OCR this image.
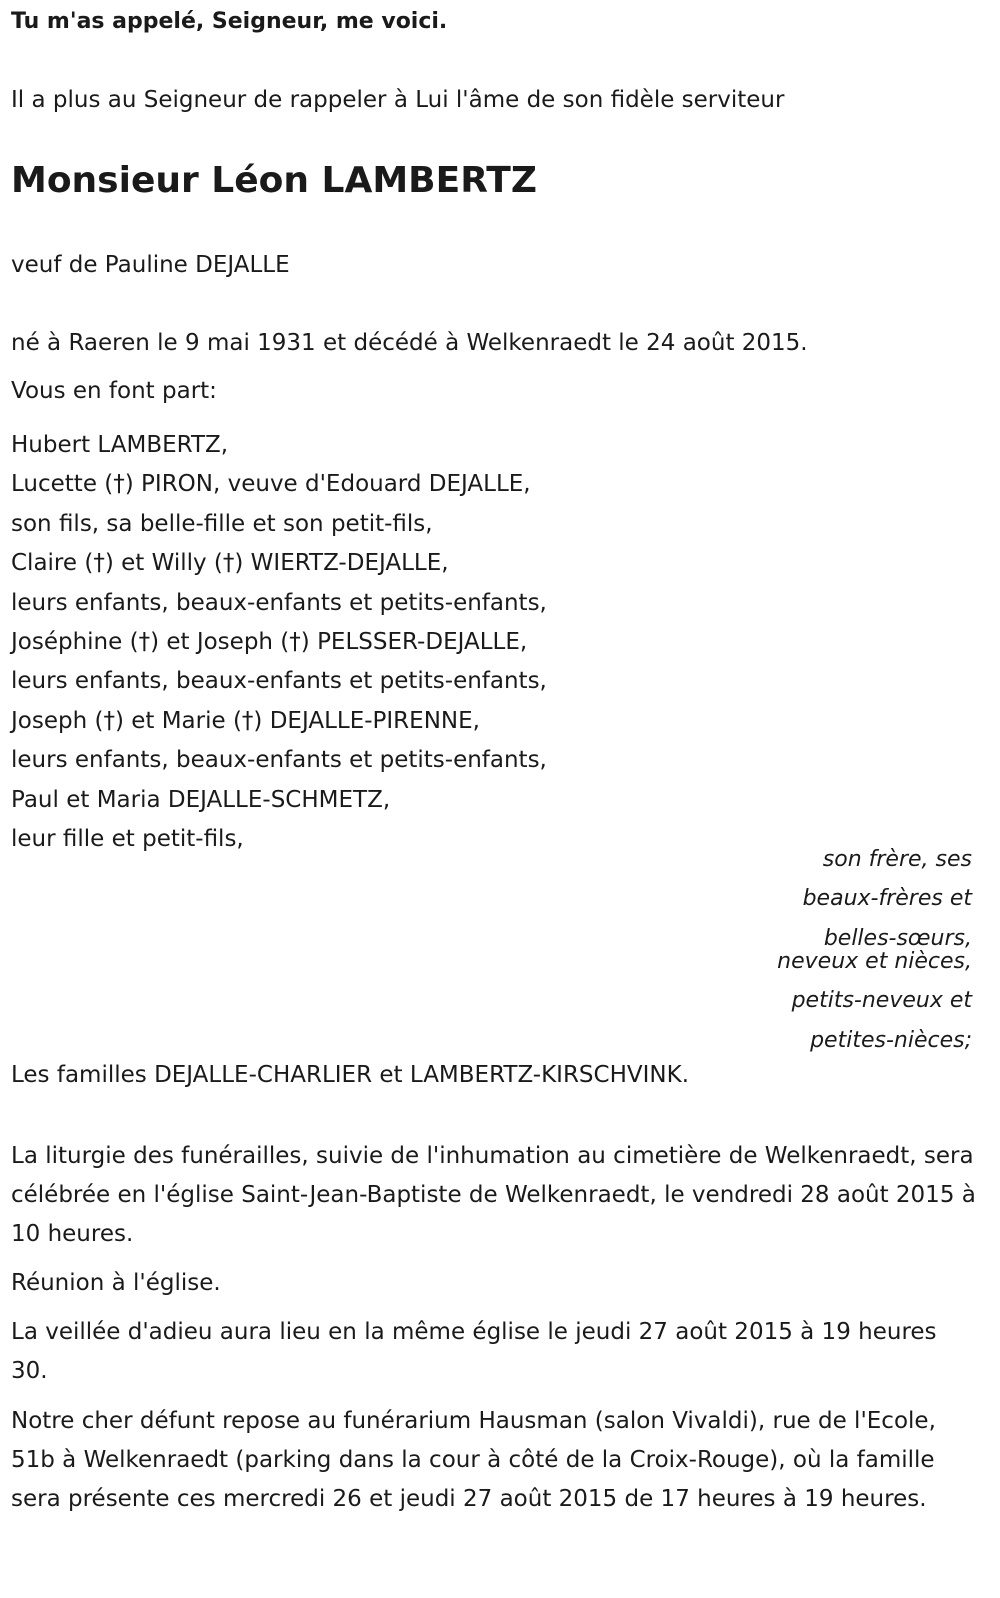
Tu m'as appelé, Seigneur, me voici.
Il a plus au Seigneur de rappeler à Lui l'âme de son fidèle serviteur
Monsieur Léon LAMBERTZ
veuf de Pauline DEJALLE
né à Raeren le 9 mai 1931 et décédé à Welkenraedt le 24 août 2015.
Vous en font part:
Hubert LAMBERTZ,
Lucette (†) PIRON, veuve d'Edouard DEJALLE,
son fils, sa belle-fille et son petit-fils,
Claire (†) et Willy (†) WIERTZ-DEJALLE,
leurs enfants, beaux-enfants et petits-enfants,
Joséphine (†) et Joseph (†) PELSSER-DEJALLE,
leurs enfants, beaux-enfants et petits-enfants,
Joseph (†) et Marie (†) DEJALLE-PIRENNE,
leurs enfants, beaux-enfants et petits-enfants,
Paul et Maria DEJALLE-SCHMETZ,
leur fille et petit-fils,
son frère, ses
beaux-frères et
belles-sœurs,
neveux et nièces,
petits-neveux et
petites-nièces;
Les familles DEJALLE-CHARLIER et LAMBERTZ-KIRSCHVINK.

La liturgie des funérailles, suivie de l'inhumation au cimetière de Welkenraedt, sera célébrée en l'église Saint-Jean-Baptiste de Welkenraedt, le vendredi 28 août 2015 à 10 heures.

Réunion à l'église.

La veillée d'adieu aura lieu en la même église le jeudi 27 août 2015 à 19 heures 30.

Notre cher défunt repose au funérarium Hausman (salon Vivaldi), rue de l'Ecole, 51b à Welkenraedt (parking dans la cour à côté de la Croix-Rouge), où la famille sera présente ces mercredi 26 et jeudi 27 août 2015 de 17 heures à 19 heures.
